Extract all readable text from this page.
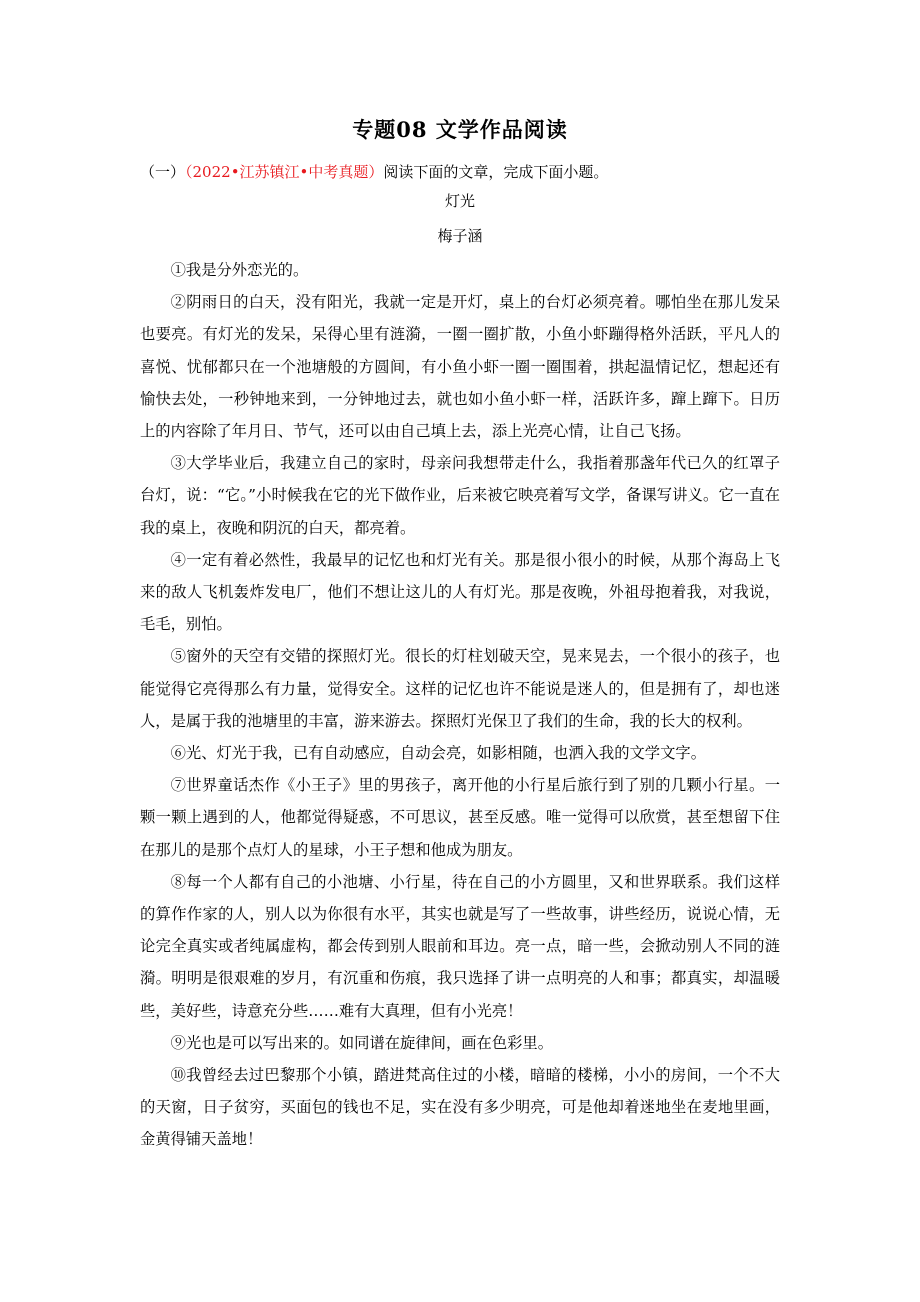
专题08 文学作品阅读
（一）（2022•江苏镇江•中考真题）阅读下面的文章，完成下面小题。
灯光
梅子涵

①我是分外恋光的。

②阴雨日的白天，没有阳光，我就一定是开灯，桌上的台灯必须亮着。哪怕坐在那儿发呆也要亮。有灯光的发呆，呆得心里有涟漪，一圈一圈扩散，小鱼小虾蹦得格外活跃，平凡人的喜悦、忧郁都只在一个池塘般的方圆间，有小鱼小虾一圈一圈围着，拱起温情记忆，想起还有愉快去处，一秒钟地来到，一分钟地过去，就也如小鱼小虾一样，活跃许多，蹿上蹿下。日历上的内容除了年月日、节气，还可以由自己填上去，添上光亮心情，让自己飞扬。

③大学毕业后，我建立自己的家时，母亲问我想带走什么，我指着那盏年代已久的红罩子台灯，说：“它。”小时候我在它的光下做作业，后来被它映亮着写文学，备课写讲义。它一直在我的桌上，夜晚和阴沉的白天，都亮着。

④一定有着必然性，我最早的记忆也和灯光有关。那是很小很小的时候，从那个海岛上飞来的敌人飞机轰炸发电厂，他们不想让这儿的人有灯光。那是夜晚，外祖母抱着我，对我说，毛毛，别怕。

⑤窗外的天空有交错的探照灯光。很长的灯柱划破天空，晃来晃去，一个很小的孩子，也能觉得它亮得那么有力量，觉得安全。这样的记忆也许不能说是迷人的，但是拥有了，却也迷人，是属于我的池塘里的丰富，游来游去。探照灯光保卫了我们的生命，我的长大的权利。

⑥光、灯光于我，已有自动感应，自动会亮，如影相随，也洒入我的文学文字。

⑦世界童话杰作《小王子》里的男孩子，离开他的小行星后旅行到了别的几颗小行星。一颗一颗上遇到的人，他都觉得疑惑，不可思议，甚至反感。唯一觉得可以欣赏，甚至想留下住在那儿的是那个点灯人的星球，小王子想和他成为朋友。

⑧每一个人都有自己的小池塘、小行星，待在自己的小方圆里，又和世界联系。我们这样的算作作家的人，别人以为你很有水平，其实也就是写了一些故事，讲些经历，说说心情，无论完全真实或者纯属虚构，都会传到别人眼前和耳边。亮一点，暗一些，会掀动别人不同的涟漪。明明是很艰难的岁月，有沉重和伤痕，我只选择了讲一点明亮的人和事；都真实，却温暖些，美好些，诗意充分些……难有大真理，但有小光亮！

⑨光也是可以写出来的。如同谱在旋律间，画在色彩里。

⑩我曾经去过巴黎那个小镇，踏进梵高住过的小楼，暗暗的楼梯，小小的房间，一个不大的天窗，日子贫穷，买面包的钱也不足，实在没有多少明亮，可是他却着迷地坐在麦地里画，金黄得铺天盖地！
